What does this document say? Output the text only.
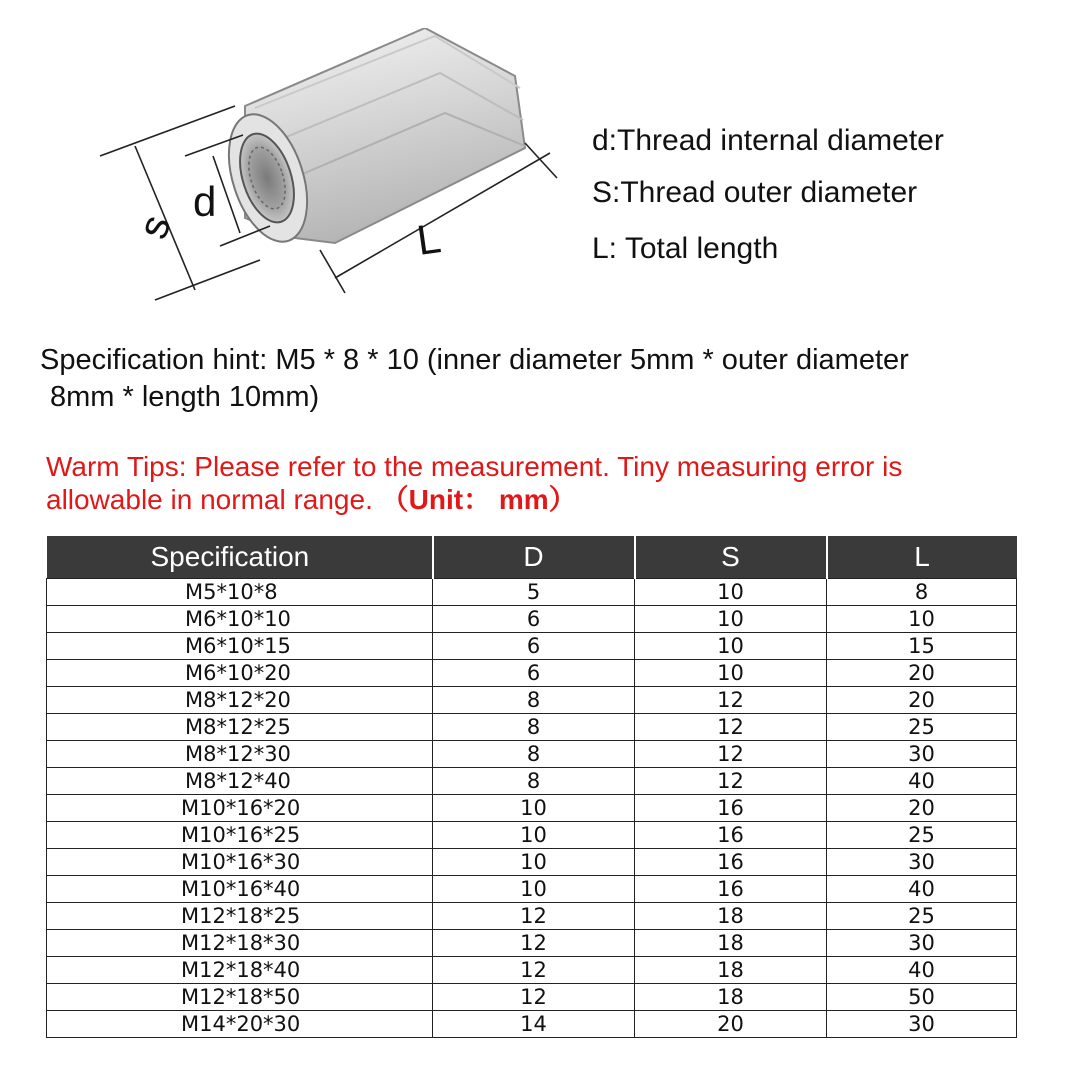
s
d
L
d:Thread internal diameter
S:Thread outer diameter
L: Total length
Specification hint: M5 * 8 * 10 (inner diameter 5mm * outer diameter
8mm * length 10mm)
Warm Tips: Please refer to the measurement. Tiny measuring error is
allowable in normal range. （Unit： mm）
Specification	D	S	L
M5*10*8	5	10	8
M6*10*10	6	10	10
M6*10*15	6	10	15
M6*10*20	6	10	20
M8*12*20	8	12	20
M8*12*25	8	12	25
M8*12*30	8	12	30
M8*12*40	8	12	40
M10*16*20	10	16	20
M10*16*25	10	16	25
M10*16*30	10	16	30
M10*16*40	10	16	40
M12*18*25	12	18	25
M12*18*30	12	18	30
M12*18*40	12	18	40
M12*18*50	12	18	50
M14*20*30	14	20	30
